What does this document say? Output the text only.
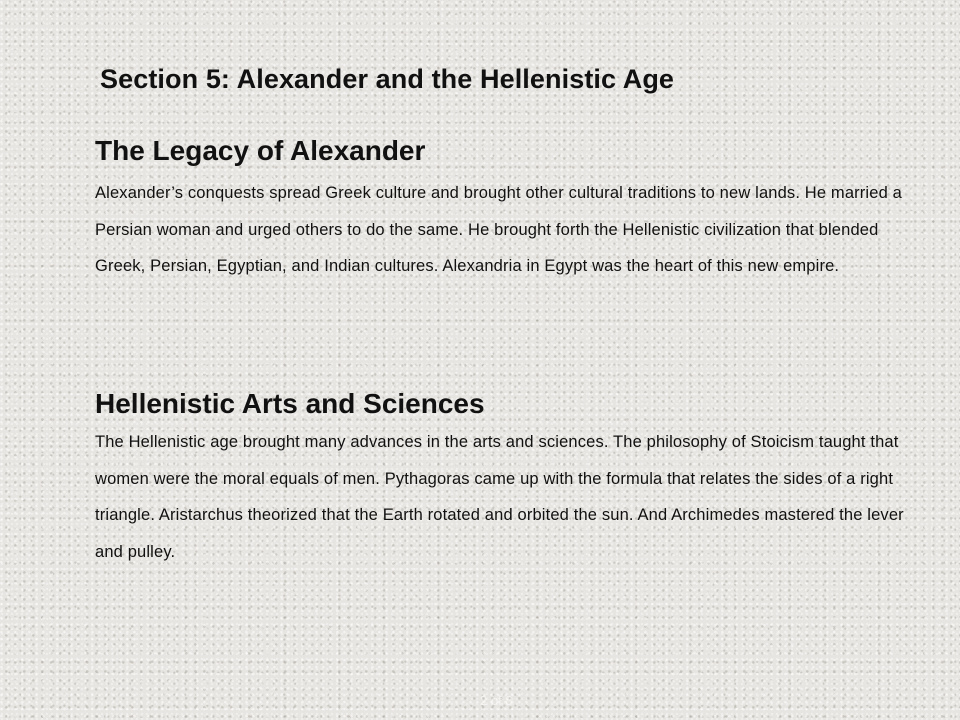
Section 5: Alexander and the Hellenistic Age
The Legacy of Alexander

Alexander’s conquests spread Greek culture and brought other cultural traditions to new lands. He married a Persian woman and urged others to do the same. He brought forth the Hellenistic civilization that blended Greek, Persian, Egyptian, and Indian cultures. Alexandria in Egypt was the heart of this new empire.

Hellenistic Arts and Sciences

The Hellenistic age brought many advances in the arts and sciences. The philosophy of Stoicism taught that women were the moral equals of men. Pythagoras came up with the formula that relates the sides of a right triangle. Aristarchus theorized that the Earth rotated and orbited the sun. And Archimedes mastered the lever and pulley.

2 of 8
